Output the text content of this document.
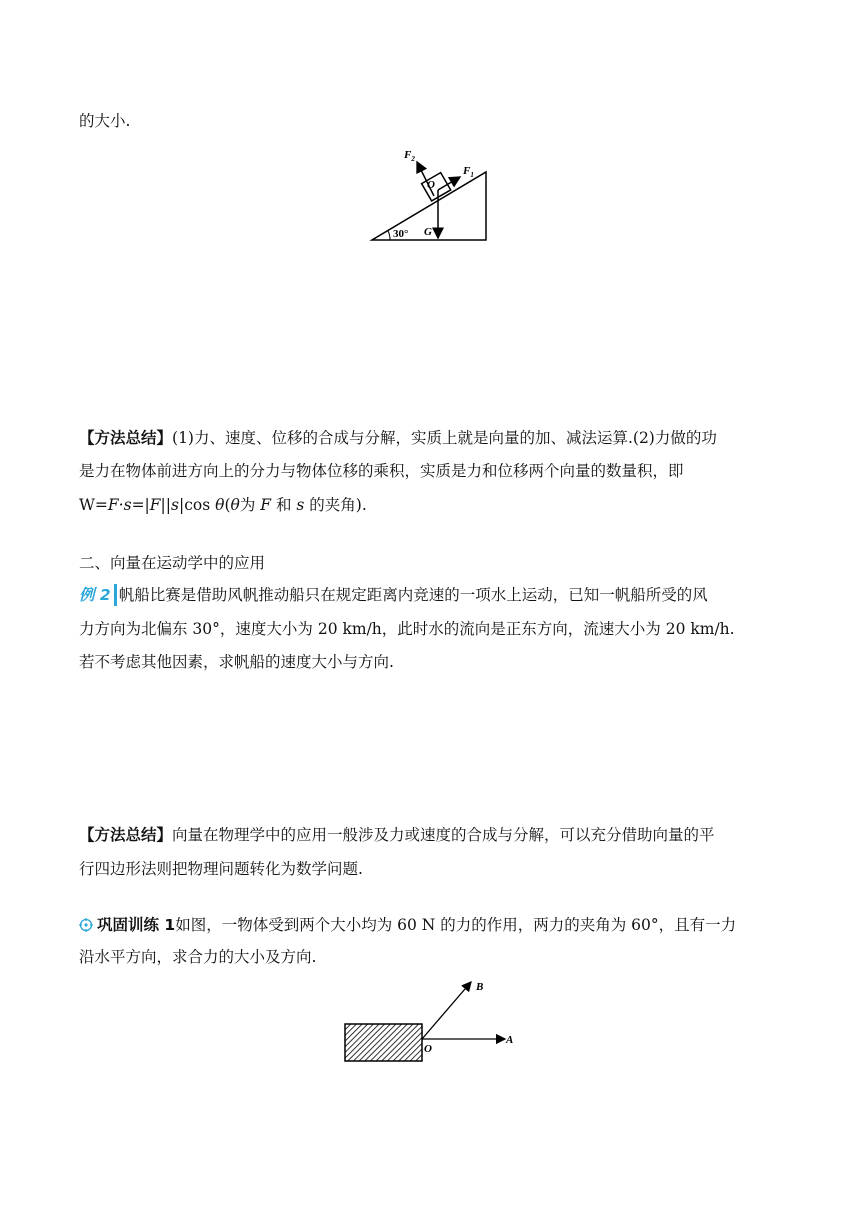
的大小.
$F_2$
$F_1$
O
G
30°
【方法总结】(1)力、速度、位移的合成与分解，实质上就是向量的加、减法运算.(2)力做的功
是力在物体前进方向上的分力与物体位移的乘积，实质是力和位移两个向量的数量积，即
W=F·s=|F||s|cos θ(θ为 F 和 s 的夹角).
二、向量在运动学中的应用
例 2 帆船比赛是借助风帆推动船只在规定距离内竞速的一项水上运动，已知一帆船所受的风
力方向为北偏东 30°，速度大小为 20 km/h，此时水的流向是正东方向，流速大小为 20 km/h.
若不考虑其他因素，求帆船的速度大小与方向.
【方法总结】向量在物理学中的应用一般涉及力或速度的合成与分解，可以充分借助向量的平
行四边形法则把物理问题转化为数学问题.
巩固训练 1如图，一物体受到两个大小均为 60 N 的力的作用，两力的夹角为 60°，且有一力
沿水平方向，求合力的大小及方向.
A
B
O
